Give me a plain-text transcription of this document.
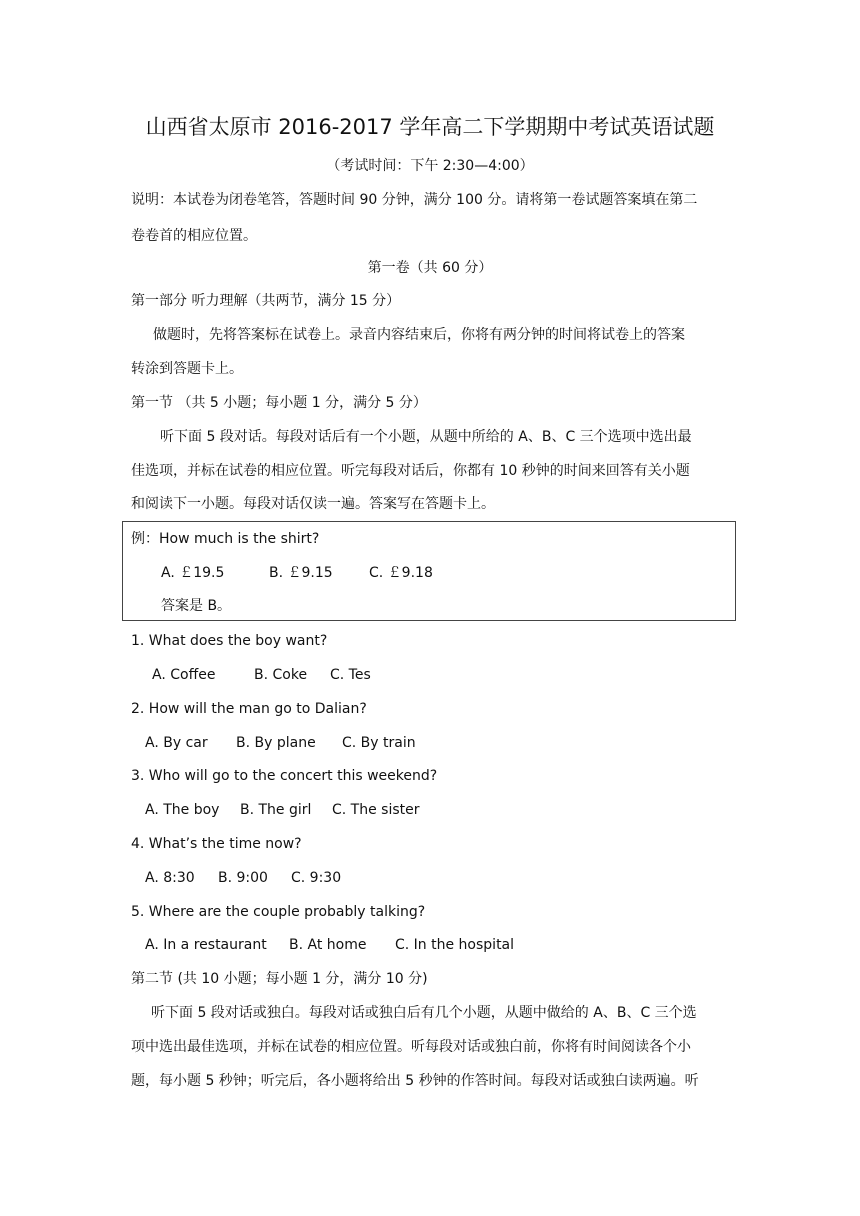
山西省太原市 2016-2017 学年高二下学期期中考试英语试题
（考试时间：下午 2:30—4:00）
说明：本试卷为闭卷笔答，答题时间 90 分钟，满分 100 分。请将第一卷试题答案填在第二
卷卷首的相应位置。
第一卷（共 60 分）
第一部分 听力理解（共两节，满分 15 分）
做题时，先将答案标在试卷上。录音内容结束后，你将有两分钟的时间将试卷上的答案
转涂到答题卡上。
第一节 （共 5 小题；每小题 1 分，满分 5 分）
听下面 5 段对话。每段对话后有一个小题，从题中所给的 A、B、C 三个选项中选出最
佳选项，并标在试卷的相应位置。听完每段对话后，你都有 10 秒钟的时间来回答有关小题
和阅读下一小题。每段对话仅读一遍。答案写在答题卡上。
例：How much is the shirt?
A. ￡19.5	B. ￡9.15	C. ￡9.18
答案是 B。
1. What does the boy want?
A. Coffee	B. Coke C. Tes
2. How will the man go to Dalian?
A. By car B. By plane C. By train
3. Who will go to the concert this weekend?
A. The boy B. The girl C. The sister
4. What’s the time now?
A. 8:30 B. 9:00 C. 9:30
5. Where are the couple probably talking?
A. In a restaurant B. At home C. In the hospital
第二节 (共 10 小题；每小题 1 分，满分 10 分)
听下面 5 段对话或独白。每段对话或独白后有几个小题，从题中做给的 A、B、C 三个选
项中选出最佳选项，并标在试卷的相应位置。听每段对话或独白前，你将有时间阅读各个小
题，每小题 5 秒钟；听完后，各小题将给出 5 秒钟的作答时间。每段对话或独白读两遍。听
